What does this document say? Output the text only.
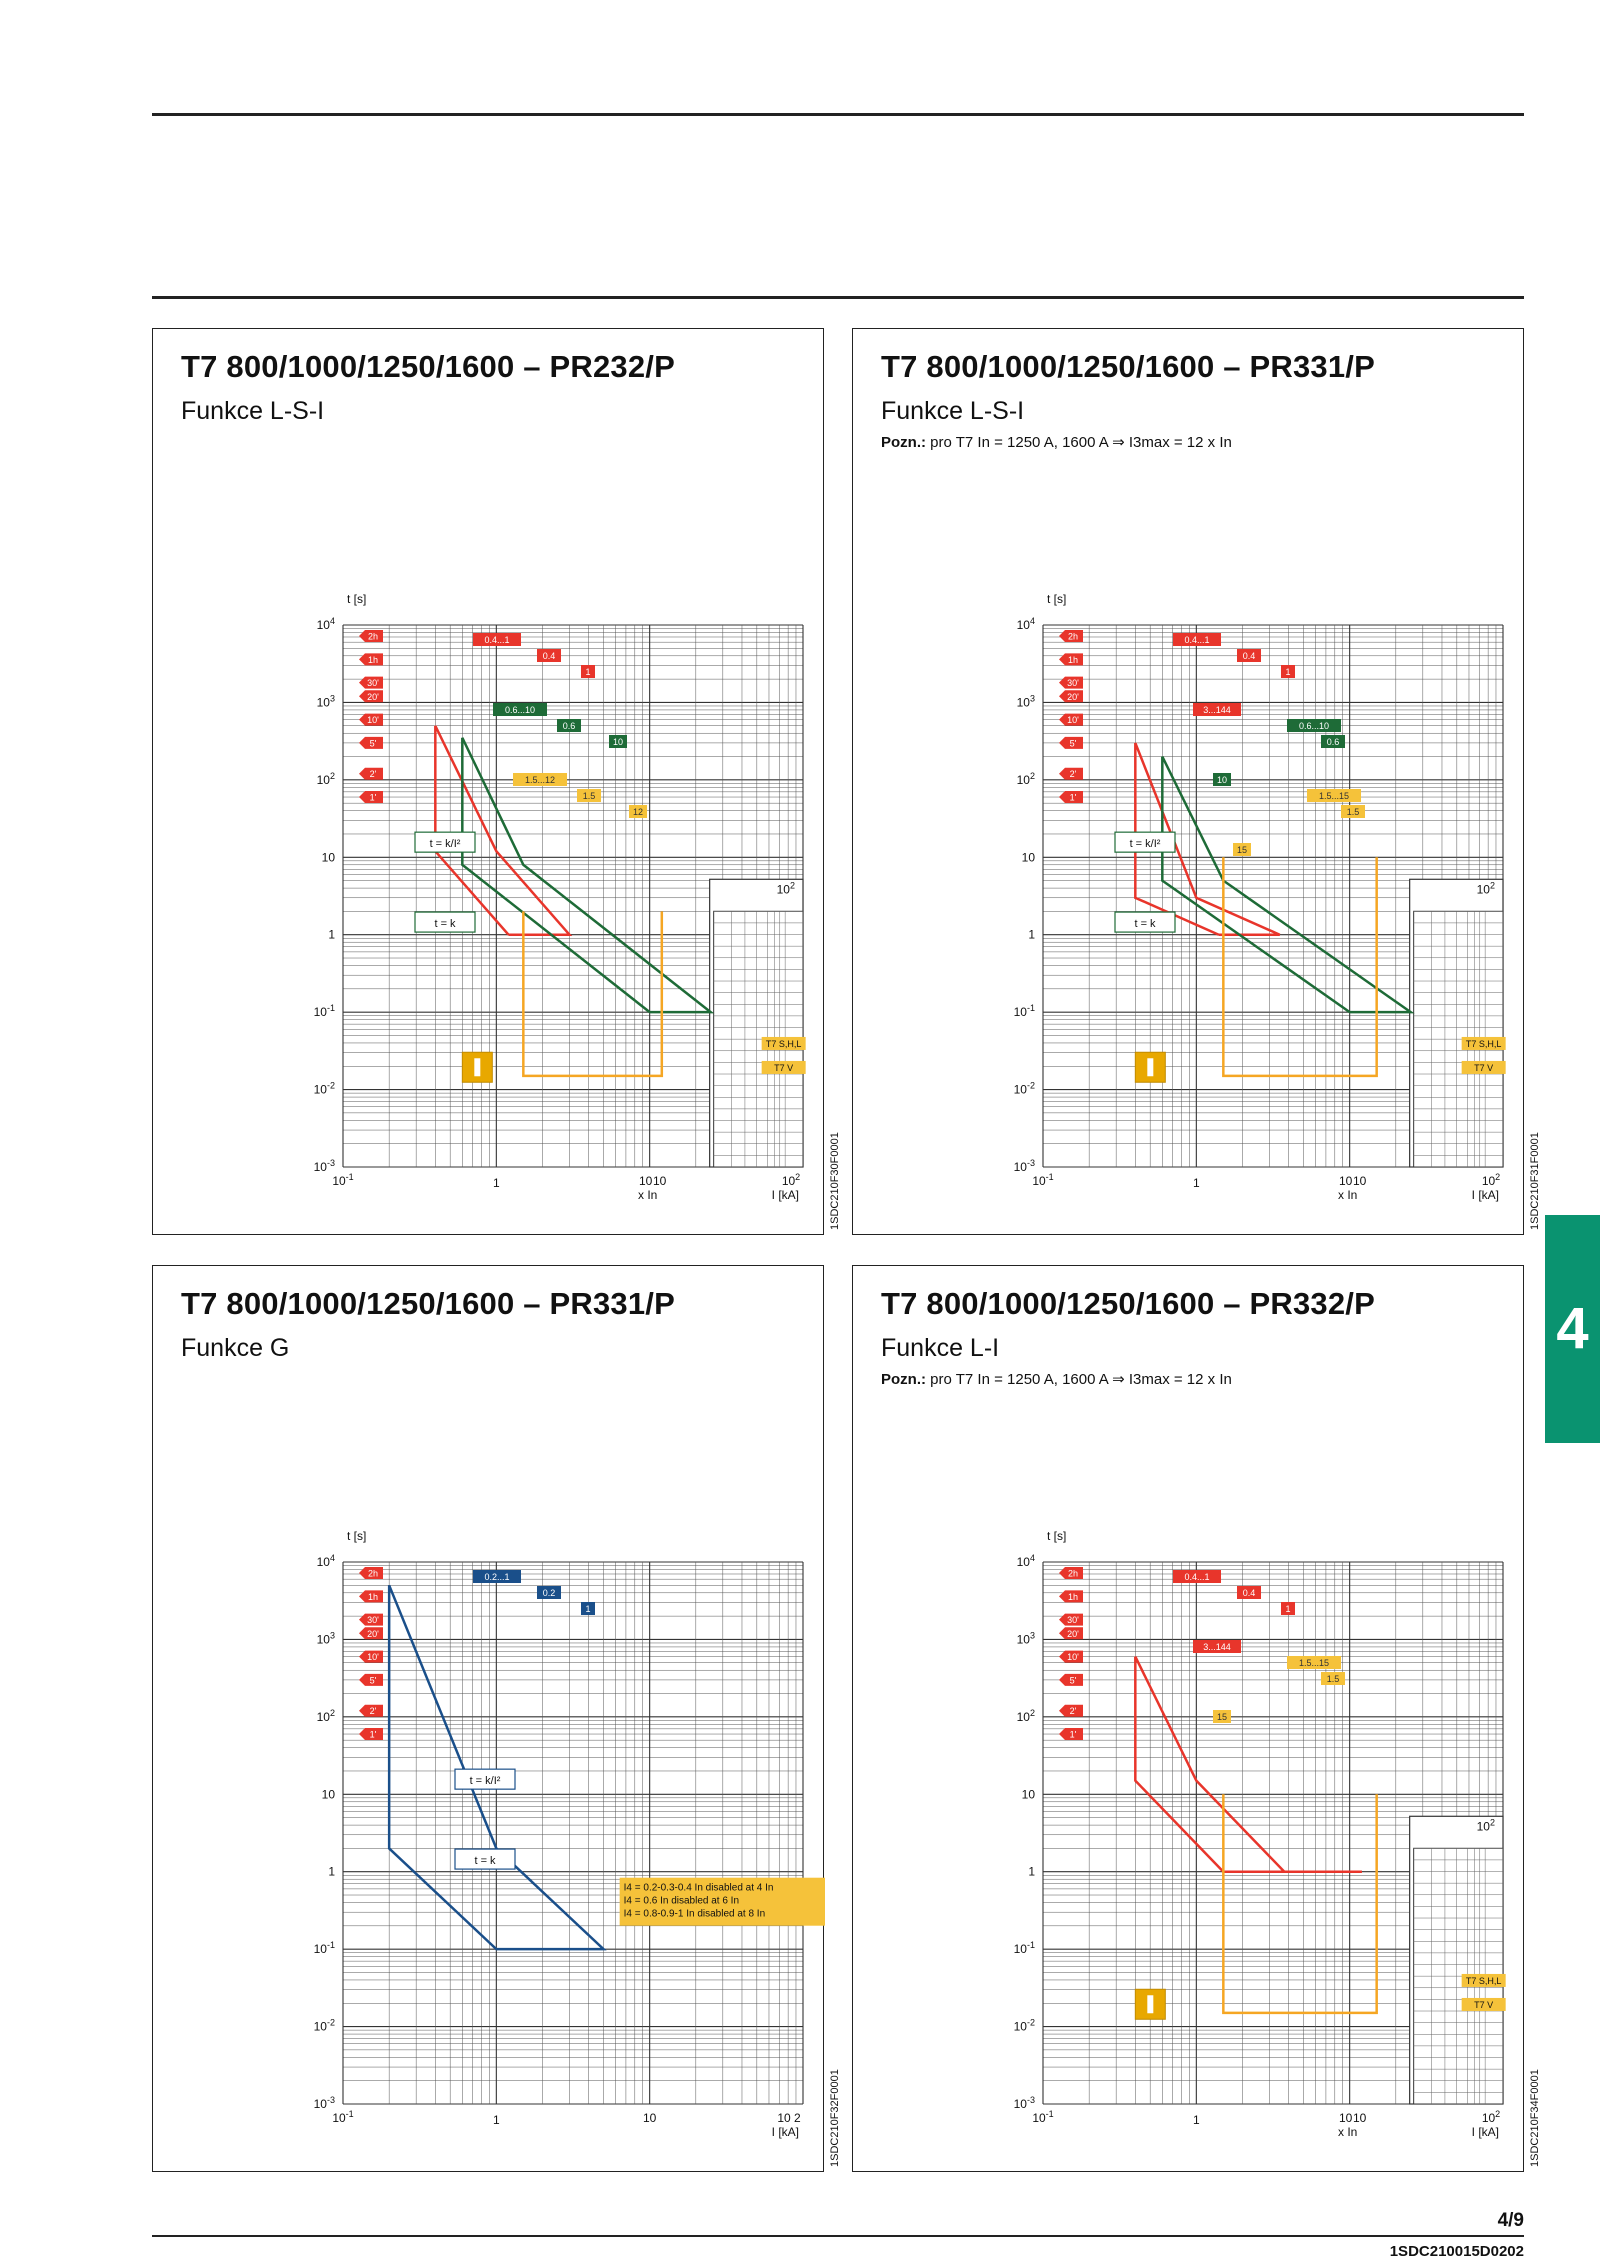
T7 800/1000/1250/1600 – PR232/P
Funkce L-S-I
$10^4$
$10^3$
$10^2$
10
1
$10^{-1}$
$10^{-2}$
$10^{-3}$
t [s]
$10^{-1}$	1	10
x In
10	$10^2$
I [kA]
$10^2$
2h
1h
30'
20'
10'
5'
2'
1'
0.4...1
0.4
1
0.6...10
0.6
10
1.5...12
1.5
12
t = k/I²
t = k
T7 S,H,L
T7 V
1SDC210F30F0001
T7 800/1000/1250/1600 – PR331/P
Funkce L-S-I
Pozn.: pro T7 In = 1250 A, 1600 A ⇒ I3max = 12 x In
$10^4$
$10^3$
$10^2$
10
1
$10^{-1}$
$10^{-2}$
$10^{-3}$
t [s]
$10^{-1}$	1	10
x In
10	$10^2$
I [kA]
$10^2$
2h
1h
30'
20'
10'
5'
2'
1'
0.4...1
0.4
1
3...144
0.6...10
0.6
10
1.5...15
1.5
15
t = k/I²
t = k
T7 S,H,L
T7 V
1SDC210F31F0001
T7 800/1000/1250/1600 – PR331/P
Funkce G
$10^4$
$10^3$
$10^2$
10
1
$10^{-1}$
$10^{-2}$
$10^{-3}$
t [s]
$10^{-1}$	1	10	10 2
I [kA]
2h
1h
30'
20'
10'
5'
2'
1'
0.2...1
0.2
1
t = k/I²
t = k
I4 = 0.2-0.3-0.4 In disabled at 4 In
I4 = 0.6 In disabled at 6 In
I4 = 0.8-0.9-1 In disabled at 8 In
1SDC210F32F0001
T7 800/1000/1250/1600 – PR332/P
Funkce L-I
Pozn.: pro T7 In = 1250 A, 1600 A ⇒ I3max = 12 x In
$10^4$
$10^3$
$10^2$
10
1
$10^{-1}$
$10^{-2}$
$10^{-3}$
t [s]
$10^{-1}$	1	10
x In
10	$10^2$
I [kA]
$10^2$
2h
1h
30'
20'
10'
5'
2'
1'
0.4...1
0.4
1
3...144
1.5...15
1.5
15
T7 S,H,L
T7 V
1SDC210F34F0001
4
4/9
1SDC210015D0202
